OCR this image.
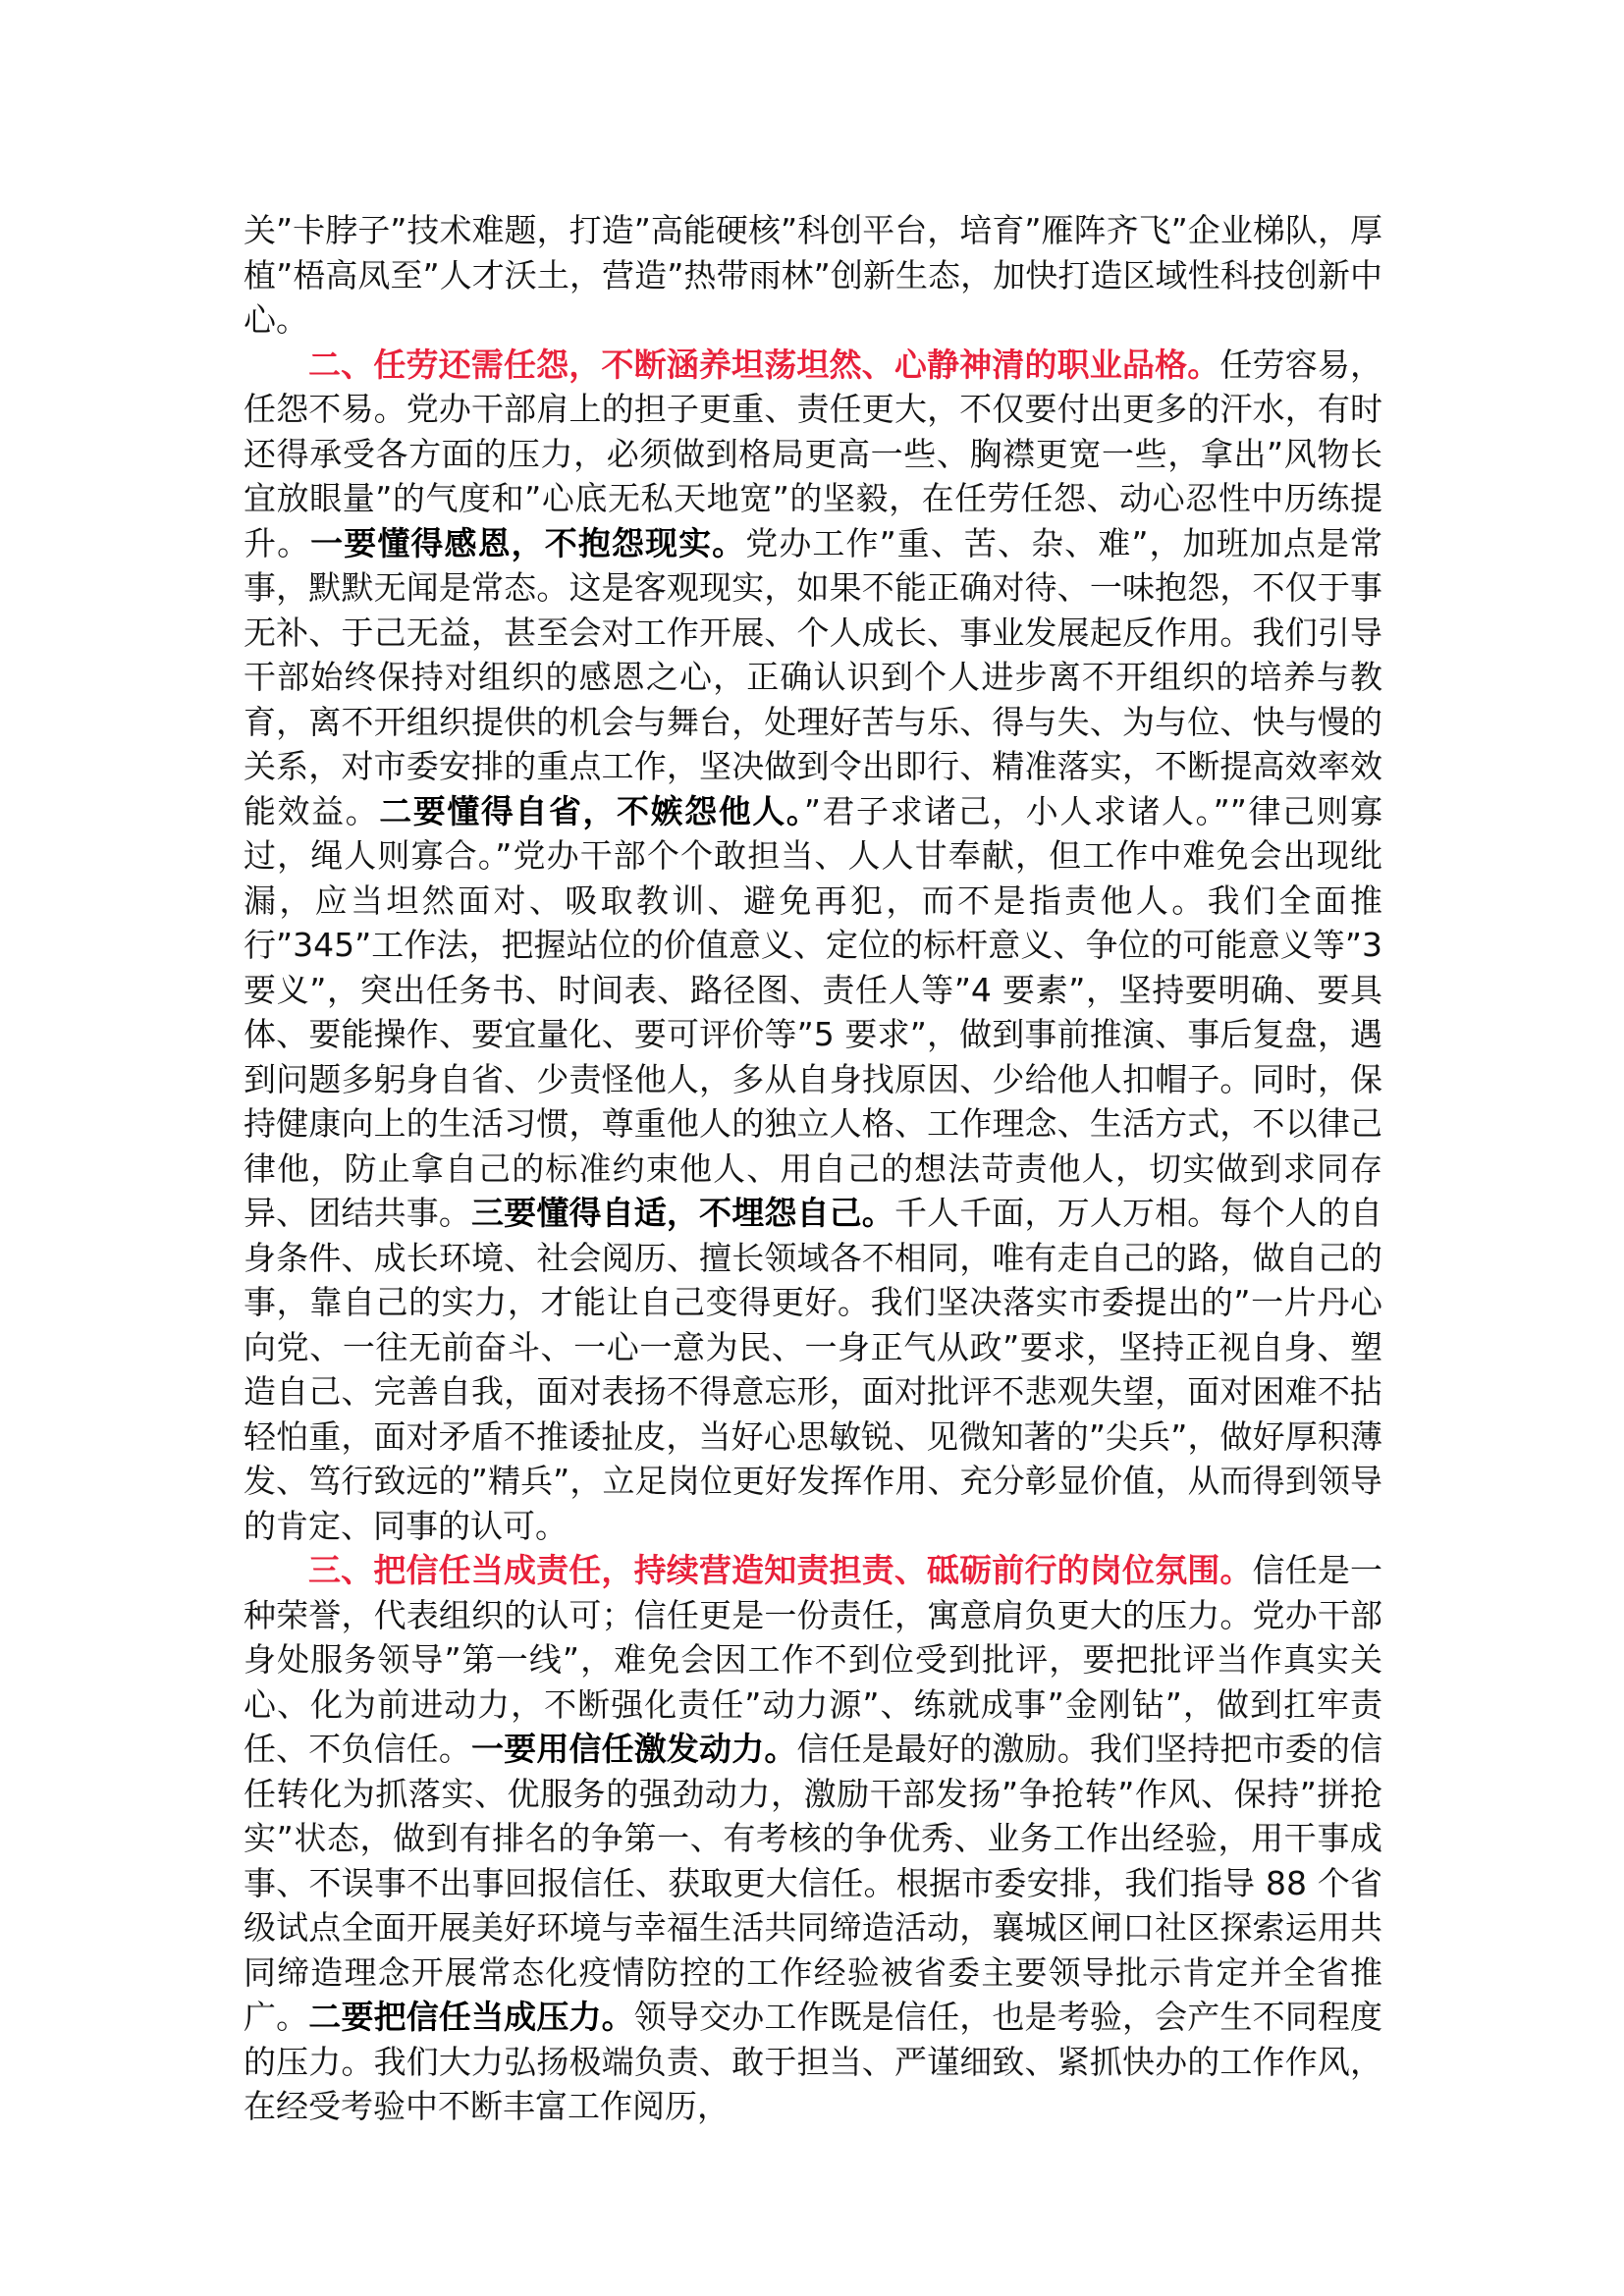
关”卡脖子”技术难题，打造”高能硬核”科创平台，培育”雁阵齐飞”企业梯队，厚植”梧高凤至”人才沃土，营造”热带雨林”创新生态，加快打造区域性科技创新中心。

二、任劳还需任怨，不断涵养坦荡坦然、心静神清的职业品格。任劳容易，任怨不易。党办干部肩上的担子更重、责任更大，不仅要付出更多的汗水，有时还得承受各方面的压力，必须做到格局更高一些、胸襟更宽一些，拿出”风物长宜放眼量”的气度和”心底无私天地宽”的坚毅，在任劳任怨、动心忍性中历练提升。一要懂得感恩，不抱怨现实。党办工作”重、苦、杂、难”，加班加点是常事，默默无闻是常态。这是客观现实，如果不能正确对待、一味抱怨，不仅于事无补、于己无益，甚至会对工作开展、个人成长、事业发展起反作用。我们引导干部始终保持对组织的感恩之心，正确认识到个人进步离不开组织的培养与教育，离不开组织提供的机会与舞台，处理好苦与乐、得与失、为与位、快与慢的关系，对市委安排的重点工作，坚决做到令出即行、精准落实，不断提高效率效能效益。二要懂得自省，不嫉怨他人。”君子求诸己，小人求诸人。””律己则寡过，绳人则寡合。”党办干部个个敢担当、人人甘奉献，但工作中难免会出现纰漏，应当坦然面对、吸取教训、避免再犯，而不是指责他人。我们全面推行”345”工作法，把握站位的价值意义、定位的标杆意义、争位的可能意义等”3 要义”，突出任务书、时间表、路径图、责任人等”4 要素”，坚持要明确、要具体、要能操作、要宜量化、要可评价等”5 要求”，做到事前推演、事后复盘，遇到问题多躬身自省、少责怪他人，多从自身找原因、少给他人扣帽子。同时，保持健康向上的生活习惯，尊重他人的独立人格、工作理念、生活方式，不以律己律他，防止拿自己的标准约束他人、用自己的想法苛责他人，切实做到求同存异、团结共事。三要懂得自适，不埋怨自己。千人千面，万人万相。每个人的自身条件、成长环境、社会阅历、擅长领域各不相同，唯有走自己的路，做自己的事，靠自己的实力，才能让自己变得更好。我们坚决落实市委提出的”一片丹心向党、一往无前奋斗、一心一意为民、一身正气从政”要求，坚持正视自身、塑造自己、完善自我，面对表扬不得意忘形，面对批评不悲观失望，面对困难不拈轻怕重，面对矛盾不推诿扯皮，当好心思敏锐、见微知著的”尖兵”，做好厚积薄发、笃行致远的”精兵”，立足岗位更好发挥作用、充分彰显价值，从而得到领导的肯定、同事的认可。

三、把信任当成责任，持续营造知责担责、砥砺前行的岗位氛围。信任是一种荣誉，代表组织的认可；信任更是一份责任，寓意肩负更大的压力。党办干部身处服务领导”第一线”，难免会因工作不到位受到批评，要把批评当作真实关心、化为前进动力，不断强化责任”动力源”、练就成事”金刚钻”，做到扛牢责任、不负信任。一要用信任激发动力。信任是最好的激励。我们坚持把市委的信任转化为抓落实、优服务的强劲动力，激励干部发扬”争抢转”作风、保持”拼抢实”状态，做到有排名的争第一、有考核的争优秀、业务工作出经验，用干事成事、不误事不出事回报信任、获取更大信任。根据市委安排，我们指导 88 个省级试点全面开展美好环境与幸福生活共同缔造活动，襄城区闸口社区探索运用共同缔造理念开展常态化疫情防控的工作经验被省委主要领导批示肯定并全省推广。二要把信任当成压力。领导交办工作既是信任，也是考验，会产生不同程度的压力。我们大力弘扬极端负责、敢于担当、严谨细致、紧抓快办的工作作风，在经受考验中不断丰富工作阅历，
